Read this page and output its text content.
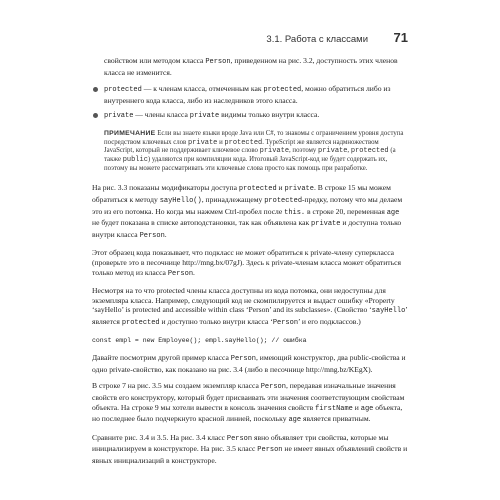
3.1. Работа с классами 71

свойством или методом класса Person, приведенном на рис. 3.2, доступность этих членов класса не изменится.

protected — к членам класса, отмеченным как protected, можно обратиться либо из внутреннего кода класса, либо из наследников этого класса.
private — члены класса private видимы только внутри класса.
ПРИМЕЧАНИЕ Если вы знаете языки вроде Java или C#, то знакомы с ограничением уровня доступа посредством ключевых слов private и protected. TypeScript же является надмножеством JavaScript, который не поддерживает ключевое слово private, поэтому private, protected (а также public) удаляются при компиляции кода. Итоговый JavaScript-код не будет содержать их, поэтому вы можете рассматривать эти ключевые слова просто как помощь при разработке.

На рис. 3.3 показаны модификаторы доступа protected и private. В строке 15 мы можем обратиться к методу sayHello(), принадлежащему protected-предку, потому что мы делаем это из его потомка. Но когда мы нажмем Ctrl-пробел после this. в строке 20, переменная age не будет показана в списке автоподстановки, так как объявлена как private и доступна только внутри класса Person.

Этот образец кода показывает, что подкласс не может обратиться к private-члену суперкласса (проверьте это в песочнице http://mng.bx/07gJ). Здесь к private-членам класса может обратиться только метод из класса Person.

Несмотря на то что protected члены класса доступны из кода потомка, они недоступны для экземпляра класса. Например, следующий код не скомпилируется и выдаст ошибку «Property ‘sayHello’ is protected and accessible within class ‘Person’ and its subclasses». (Свойство ‘sayHello’ является protected и доступно только внутри класса ‘Person’ и его подклассов.)

const empl = new Employee(); empl.sayHello(); // ошибка

Давайте посмотрим другой пример класса Person, имеющий конструктор, два public-свойства и одно private-свойство, как показано на рис. 3.4 (либо в песочнице http://mng.bz/KEgX).

В строке 7 на рис. 3.5 мы создаем экземпляр класса Person, передавая изначальные значения свойств его конструктору, который будет присваивать эти значения соответствующим свойствам объекта. На строке 9 мы хотели вывести в консоль значения свойств firstName и age объекта, но последнее было подчеркнуто красной линией, поскольку age является приватным.

Сравните рис. 3.4 и 3.5. На рис. 3.4 класс Person явно объявляет три свойства, которые мы инициализируем в конструкторе. На рис. 3.5 класс Person не имеет явных объявлений свойств и явных инициализаций в конструкторе.
